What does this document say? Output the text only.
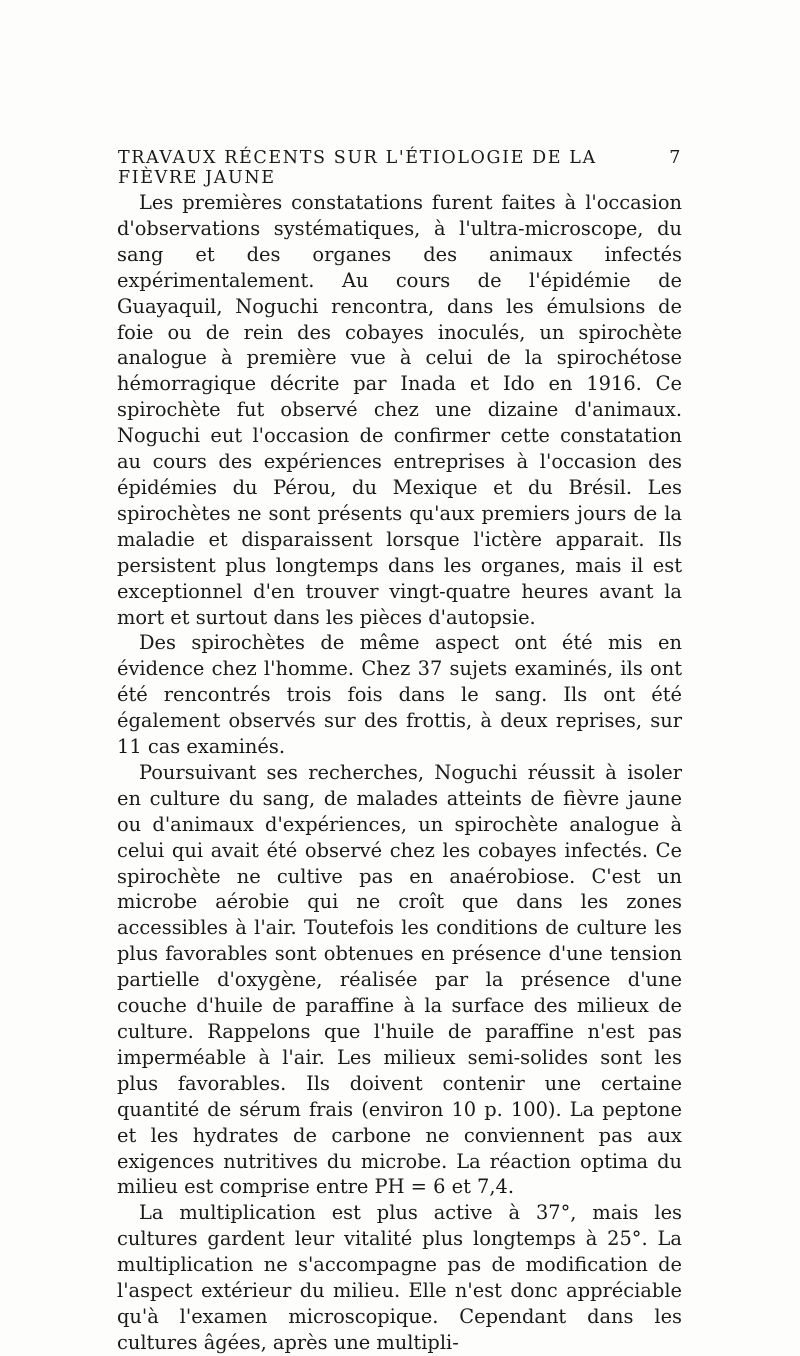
TRAVAUX RÉCENTS SUR L'ÉTIOLOGIE DE LA FIÈVRE JAUNE
7

Les premières constatations furent faites à l'occasion d'observations systématiques, à l'ultra-microscope, du sang et des organes des animaux infectés expérimentalement. Au cours de l'épidémie de Guayaquil, Noguchi rencontra, dans les émulsions de foie ou de rein des cobayes inoculés, un spirochète analogue à première vue à celui de la spirochétose hémorragique décrite par Inada et Ido en 1916. Ce spirochète fut observé chez une dizaine d'animaux. Noguchi eut l'occasion de confirmer cette constatation au cours des expériences entreprises à l'occasion des épidémies du Pérou, du Mexique et du Brésil. Les spirochètes ne sont présents qu'aux premiers jours de la maladie et disparaissent lorsque l'ictère apparait. Ils persistent plus longtemps dans les organes, mais il est exceptionnel d'en trouver vingt-quatre heures avant la mort et surtout dans les pièces d'autopsie.

Des spirochètes de même aspect ont été mis en évidence chez l'homme. Chez 37 sujets examinés, ils ont été rencontrés trois fois dans le sang. Ils ont été également observés sur des frottis, à deux reprises, sur 11 cas examinés.

Poursuivant ses recherches, Noguchi réussit à isoler en culture du sang, de malades atteints de fièvre jaune ou d'animaux d'expériences, un spirochète analogue à celui qui avait été observé chez les cobayes infectés. Ce spirochète ne cultive pas en anaérobiose. C'est un microbe aérobie qui ne croît que dans les zones accessibles à l'air. Toutefois les conditions de culture les plus favorables sont obtenues en présence d'une tension partielle d'oxygène, réalisée par la présence d'une couche d'huile de paraffine à la surface des milieux de culture. Rappelons que l'huile de paraffine n'est pas imperméable à l'air. Les milieux semi-solides sont les plus favorables. Ils doivent contenir une certaine quantité de sérum frais (environ 10 p. 100). La peptone et les hydrates de carbone ne conviennent pas aux exigences nutritives du microbe. La réaction optima du milieu est comprise entre PH = 6 et 7,4.

La multiplication est plus active à 37°, mais les cultures gardent leur vitalité plus longtemps à 25°. La multiplication ne s'accompagne pas de modification de l'aspect extérieur du milieu. Elle n'est donc appréciable qu'à l'examen microscopique. Cependant dans les cultures âgées, après une multipli-
